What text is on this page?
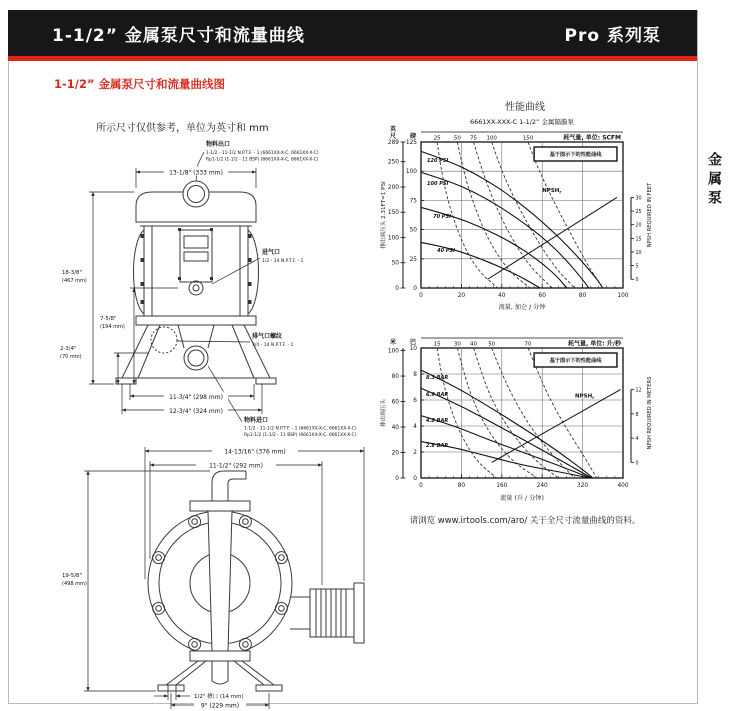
1-1/2” 金属泵尺寸和流量曲线	Pro 系列泵
1-1/2” 金属泵尺寸和流量曲线图
所示尺寸仅供参考，单位为英寸和 mm
金属泵
13-1/8" (333 mm)
18-3/8"
(467 mm)
7-5/8"
(194 mm)
2-3/4"
(70 mm)
11-3/4" (298 mm)
12-3/4" (324 mm)
物料出口
1-1/2 - 11-1/2 N.P.T.F. - 1 (6661XX-X-C, 6661XX-X-C)
Rp1-1/2 (1-1/2 - 11 BSP) (6661XX-X-C, 6661XX-X-C)
进气口
1/2 - 14 N.P.T.F. - 1
排气口螺纹
3/4 - 14 N.P.T.F. - 1
物料进口
1-1/2 - 11-1/2 N.P.T.F. - 1 (6661XX-X-C, 6661XX-X-C)
Rp1-1/2 (1-1/2 - 11 BSP) (6661XX-X-C, 6661XX-X-C)
14-13/16" (376 mm)
11-1/2" (292 mm)
19-5/8"
(498 mm)
1/2" 槽口 (14 mm)
9" (229 mm)
性能曲线
6661XX-XXX-C 1-1/2” 金属隔膜泵
25 50 75 100	150	耗气量, 单位: SCFM
0	20	40	60	80	100
0
25
50
75
100
125
0
50
100
150
200
250
289
英
尺 磅
排出端压头 2.31FT=1 PSI
流量, 加仑 / 分钟
0
5
10
15
20
25
30 NPSH REQUIRED IN FEET
基于图示下的性能曲线
120 PSI
100 PSI
70 PSI
40 PSI
$NPSH_r$
15 30 40 50	70	耗气量, 单位: 升/秒
0	80	160	240	320	400
0
2
4
6
8
10
0
20
40
60
80
100
米 巴
排出端压头
流量 (升 / 分钟)
0
4
8
12 NPSH REQUIRED IN METERS
基于图示下的性能曲线
8.3 BAR
6.9 BAR
4.8 BAR
2.8 BAR
$NPSH_r$
请浏览 www.irtools.com/aro/ 关于全尺寸流量曲线的资料。
